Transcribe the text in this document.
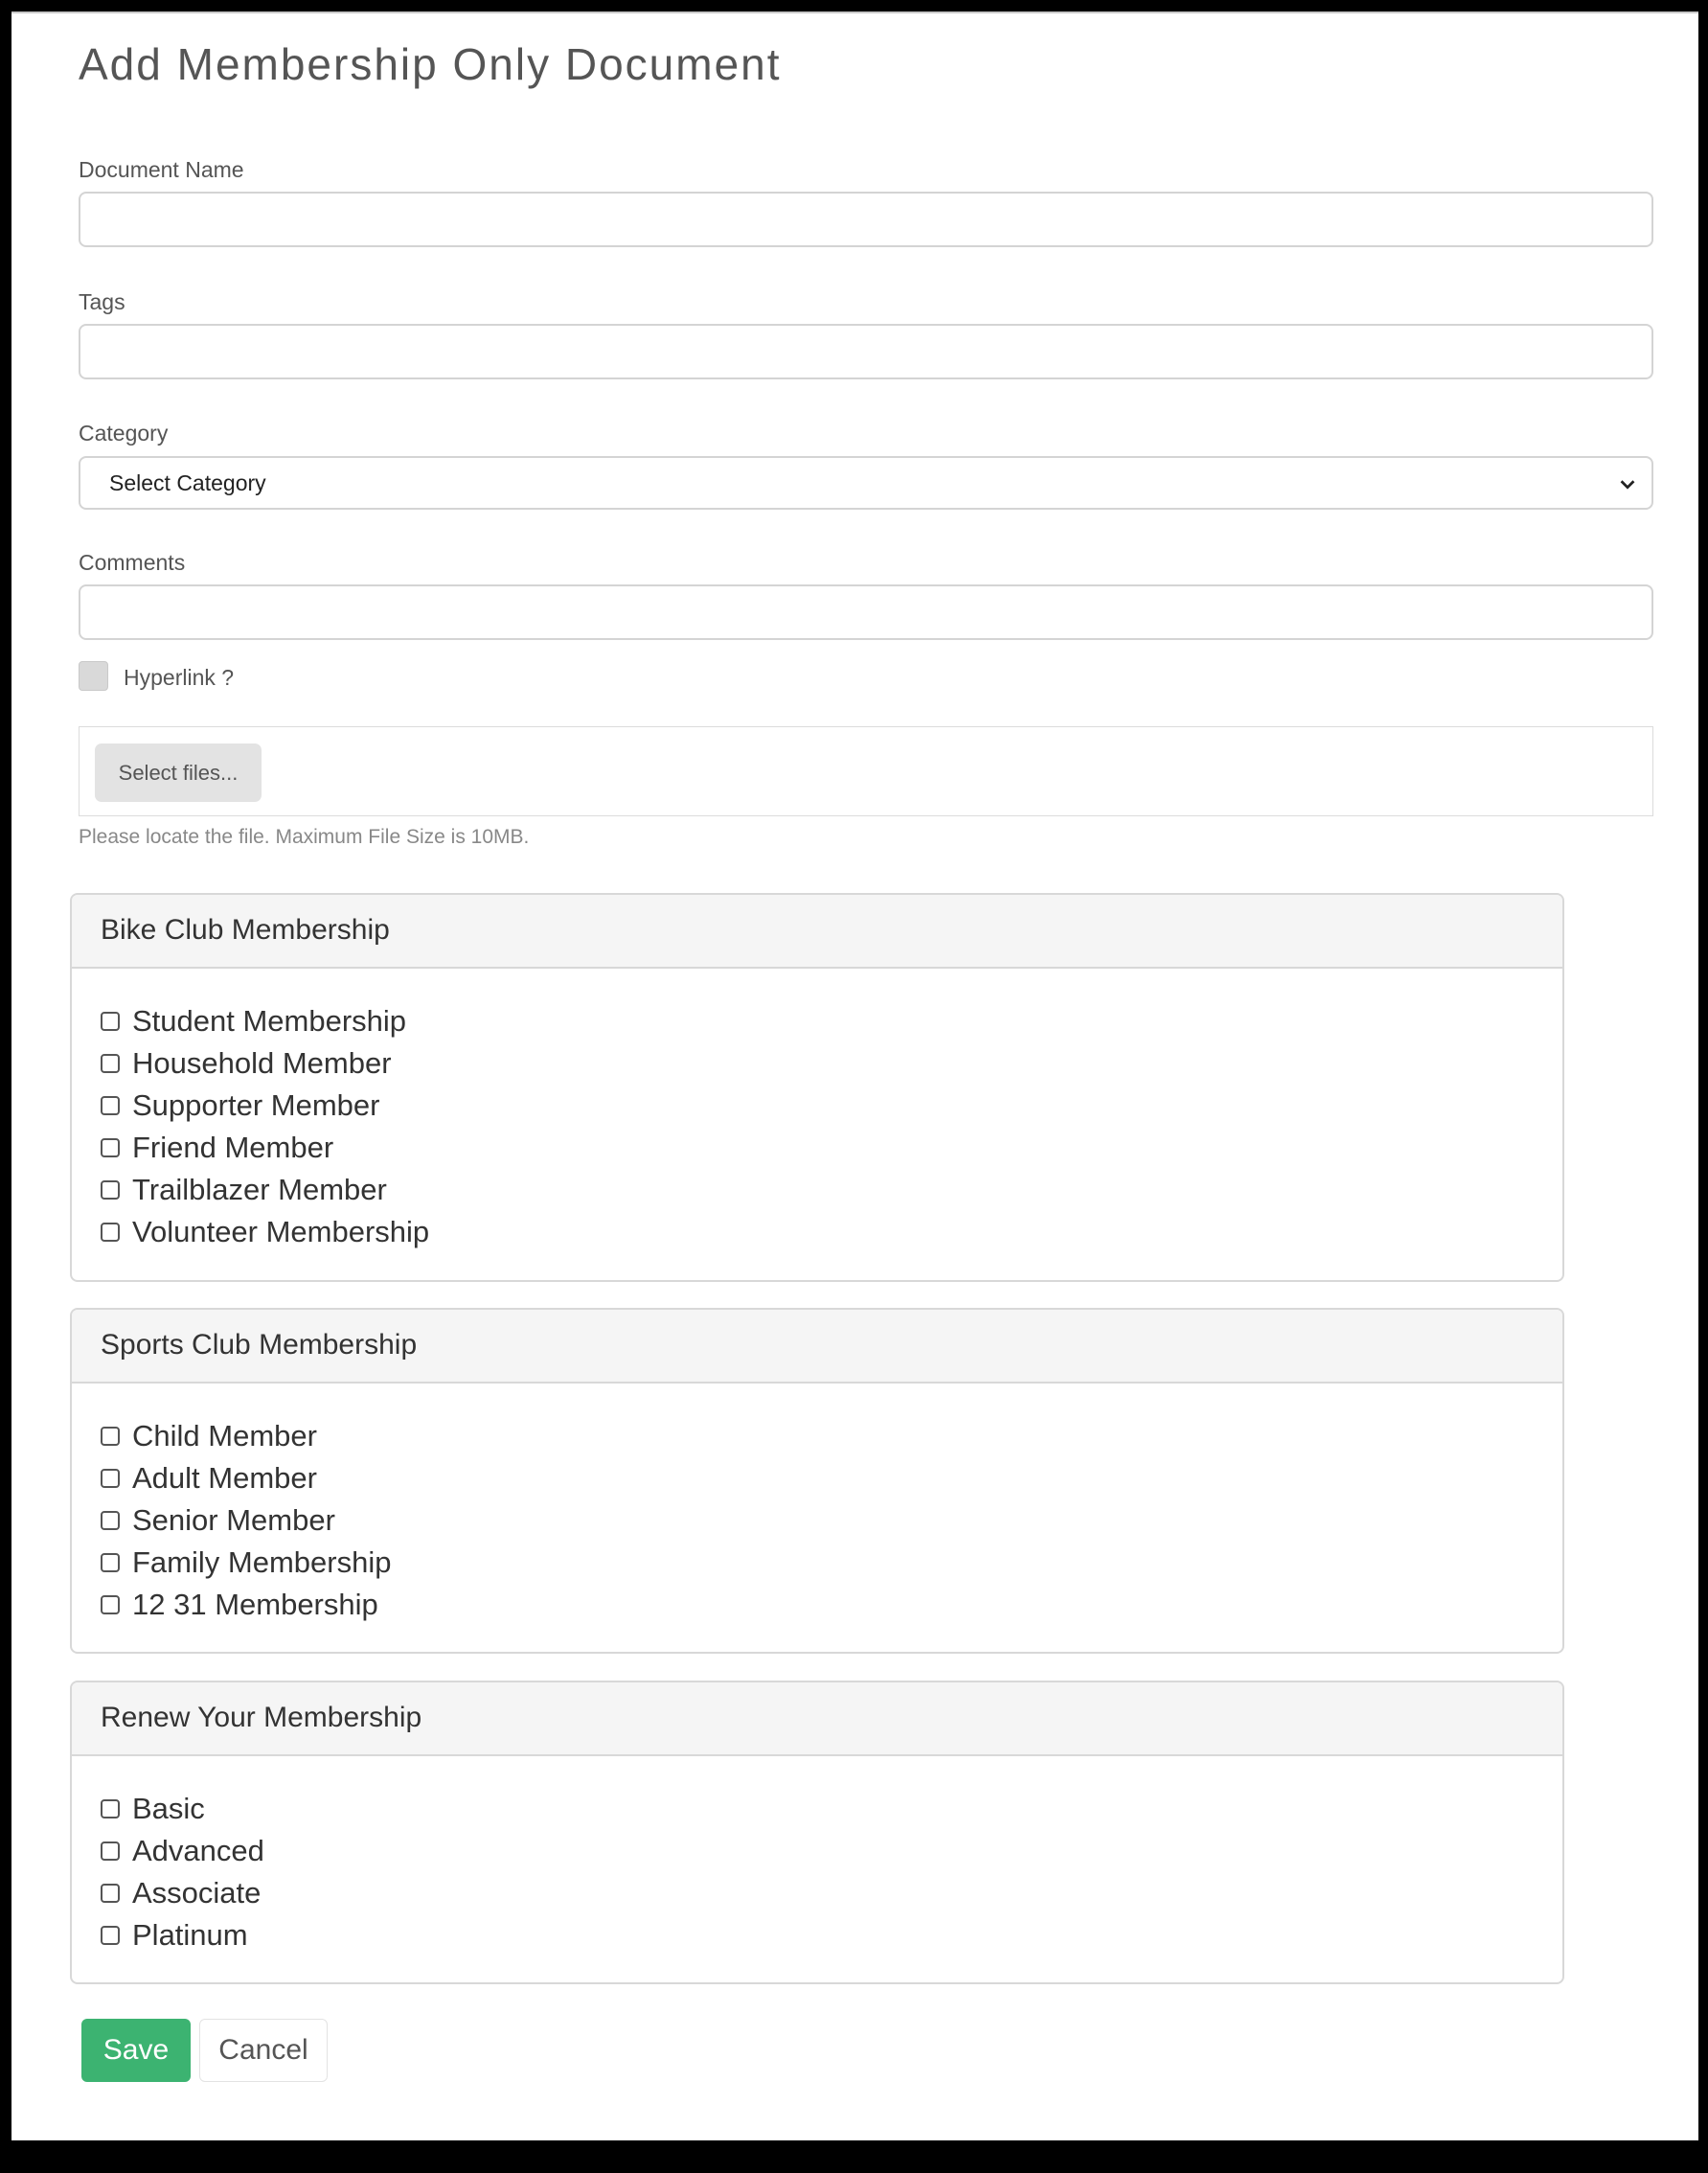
Add Membership Only Document
Document Name
Tags
Category
Select Category
Comments
Hyperlink ?
Select files...
Please locate the file. Maximum File Size is 10MB.
Bike Club Membership
Student Membership
Household Member
Supporter Member
Friend Member
Trailblazer Member
Volunteer Membership
Sports Club Membership
Child Member
Adult Member
Senior Member
Family Membership
12 31 Membership
Renew Your Membership
Basic
Advanced
Associate
Platinum
Save	Cancel
